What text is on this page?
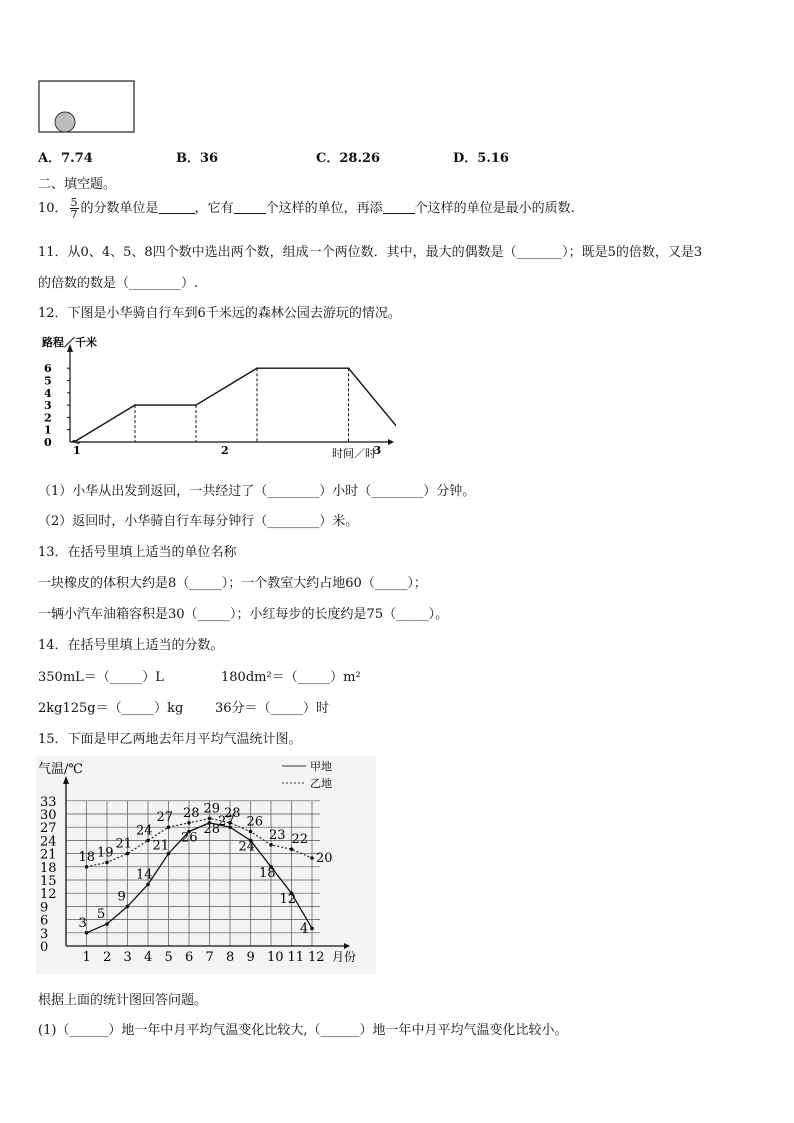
A．7.74	B．36	C．28.26	D．5.16
二、填空题。
10． $\frac{5}{7}$ 的分数单位是	，它有 个这样的单位，再添 个这样的单位是最小的质数.
11．从0、4、5、8四个数中选出两个数，组成一个两位数．其中，最大的偶数是（_______）；既是5的倍数，又是3
的倍数的数是（________）.
12．下图是小华骑自行车到6千米远的森林公园去游玩的情况。
路程／千米
时间／时
0
1
2
3
4
5
6
1	2	3
（1）小华从出发到返回，一共经过了（________）小时（________）分钟。
（2）返回时，小华骑自行车每分钟行（________）米。
13．在括号里填上适当的单位名称
一块橡皮的体积大约是8（_____）；一个教室大约占地60（_____）；
一辆小汽车油箱容积是30（_____）；小红每步的长度约是75（_____）。
14．在括号里填上适当的分数。
350mL＝（_____）L	180dm²＝（_____）m²
2kg125g＝（_____）kg 36分＝（_____）时
15．下面是甲乙两地去年月平均气温统计图。
0
3
6
9
12
15
18
21
24
27
30
33
1 2 3 4 5 6 7 8 9 10 11 12
气温/℃
月份
甲地
乙地
3
5
9
14
21
26
28
27
24
18
12
4
18 19
21
24
27 28 29 28
26
23 22
20
根据上面的统计图回答问题。
(1)（______）地一年中月平均气温变化比较大,（______）地一年中月平均气温变化比较小。
